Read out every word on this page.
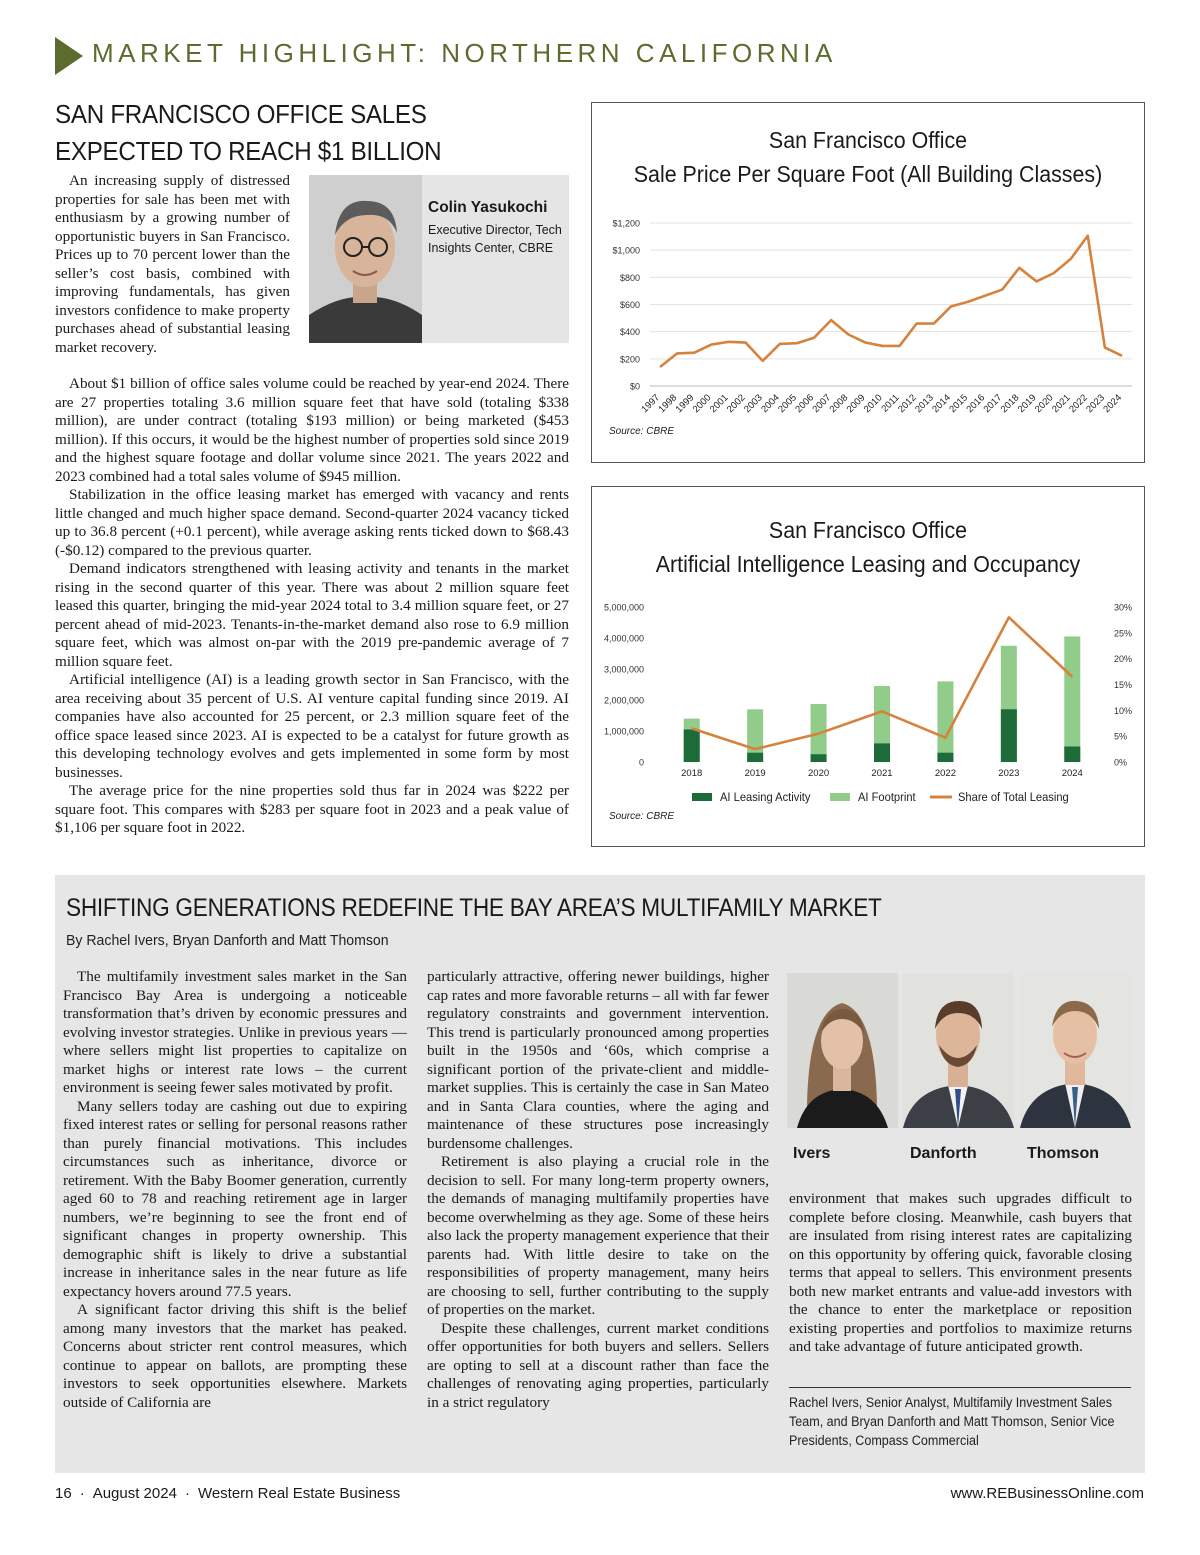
MARKET HIGHLIGHT: NORTHERN CALIFORNIA
SAN FRANCISCO OFFICE SALES EXPECTED TO REACH $1 BILLION

An increasing supply of distressed properties for sale has been met with enthusiasm by a growing number of opportunistic buyers in San Francisco. Prices up to 70 percent lower than the seller’s cost basis, combined with improving fundamentals, has given investors confidence to make property purchases ahead of substantial leasing market recovery.

Colin Yasukochi
Executive Director, Tech Insights Center, CBRE

About $1 billion of office sales volume could be reached by year-end 2024. There are 27 properties totaling 3.6 million square feet that have sold (totaling $338 million), are under contract (totaling $193 million) or being marketed ($453 million). If this occurs, it would be the highest number of properties sold since 2019 and the highest square footage and dollar volume since 2021. The years 2022 and 2023 combined had a total sales volume of $945 million.

Stabilization in the office leasing market has emerged with vacancy and rents little changed and much higher space demand. Second-quarter 2024 vacancy ticked up to 36.8 percent (+0.1 percent), while average asking rents ticked down to $68.43 (-$0.12) compared to the previous quarter.

Demand indicators strengthened with leasing activity and tenants in the market rising in the second quarter of this year. There was about 2 million square feet leased this quarter, bringing the mid-year 2024 total to 3.4 million square feet, or 27 percent ahead of mid-2023. Tenants-in-the-market demand also rose to 6.9 million square feet, which was almost on-par with the 2019 pre-pandemic average of 7 million square feet.

Artificial intelligence (AI) is a leading growth sector in San Francisco, with the area receiving about 35 percent of U.S. AI venture capital funding since 2019. AI companies have also accounted for 25 percent, or 2.3 million square feet of the office space leased since 2023. AI is expected to be a catalyst for future growth as this developing technology evolves and gets implemented in some form by most businesses.

The average price for the nine properties sold thus far in 2024 was $222 per square foot. This compares with $283 per square foot in 2023 and a peak value of $1,106 per square foot in 2022.

San Francisco Office
Sale Price Per Square Foot (All Building Classes)
$0
$200
$400
$600
$800
$1,000
$1,200
1997
1998
1999
2000
2001
2002
2003
2004
2005
2006
2007
2008
2009
2010
2011
2012
2013
2014
2015
2016
2017
2018
2019
2020
2021
2022
2023
2024
Source: CBRE
San Francisco Office
Artificial Intelligence Leasing and Occupancy
0
1,000,000
2,000,000
3,000,000
4,000,000
5,000,000
0%
5%
10%
15%
20%
25%
30%
2018	2019	2020	2021	2022	2023	2024
AI Leasing Activity	AI Footprint	Share of Total Leasing
Source: CBRE
SHIFTING GENERATIONS REDEFINE THE BAY AREA’S MULTIFAMILY MARKET
By Rachel Ivers, Bryan Danforth and Matt Thomson

The multifamily investment sales market in the San Francisco Bay Area is undergoing a noticeable transformation that’s driven by economic pressures and evolving investor strategies. Unlike in previous years — where sellers might list properties to capitalize on market highs or interest rate lows – the current environment is seeing fewer sales motivated by profit.

Many sellers today are cashing out due to expiring fixed interest rates or selling for personal reasons rather than purely financial motivations. This includes circumstances such as inheritance, divorce or retirement. With the Baby Boomer generation, currently aged 60 to 78 and reaching retirement age in larger numbers, we’re beginning to see the front end of significant changes in property ownership. This demographic shift is likely to drive a substantial increase in inheritance sales in the near future as life expectancy hovers around 77.5 years.

A significant factor driving this shift is the belief among many investors that the market has peaked. Concerns about stricter rent control measures, which continue to appear on ballots, are prompting these investors to seek opportunities elsewhere. Markets outside of California are

particularly attractive, offering newer buildings, higher cap rates and more favorable returns – all with far fewer regulatory constraints and government intervention. This trend is particularly pronounced among properties built in the 1950s and ‘60s, which comprise a significant portion of the private-client and middle-market supplies. This is certainly the case in San Mateo and in Santa Clara counties, where the aging and maintenance of these structures pose increasingly burdensome challenges.

Retirement is also playing a crucial role in the decision to sell. For many long-term property owners, the demands of managing multifamily properties have become overwhelming as they age. Some of these heirs also lack the property management experience that their parents had. With little desire to take on the responsibilities of property management, many heirs are choosing to sell, further contributing to the supply of properties on the market.

Despite these challenges, current market conditions offer opportunities for both buyers and sellers. Sellers are opting to sell at a discount rather than face the challenges of renovating aging properties, particularly in a strict regulatory

Ivers	Danforth	Thomson

environment that makes such upgrades difficult to complete before closing. Meanwhile, cash buyers that are insulated from rising interest rates are capitalizing on this opportunity by offering quick, favorable closing terms that appeal to sellers. This environment presents both new market entrants and value-add investors with the chance to enter the marketplace or reposition existing properties and portfolios to maximize returns and take advantage of future anticipated growth.

Rachel Ivers, Senior Analyst, Multifamily Investment Sales Team, and Bryan Danforth and Matt Thomson, Senior Vice Presidents, Compass Commercial
16 · August 2024 · Western Real Estate Business	www.REBusinessOnline.com
